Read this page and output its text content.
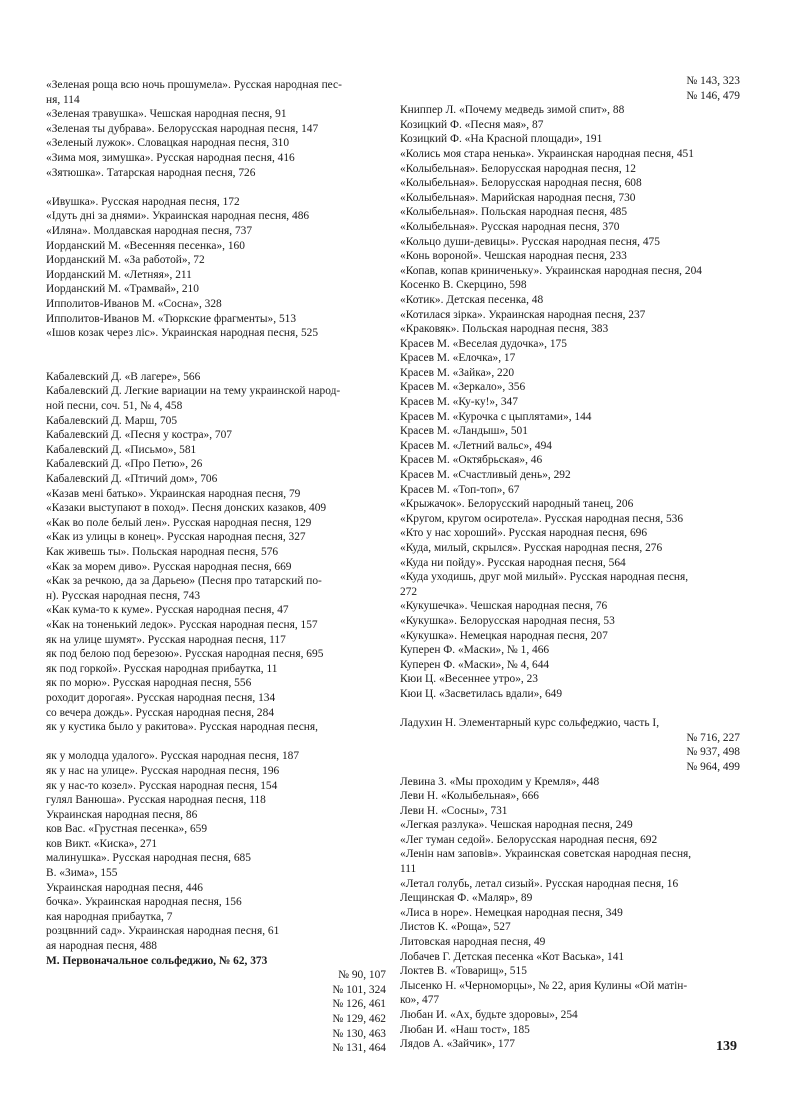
«Зеленая роща всю ночь прошумела». Русская народная пес-
ня, 114
«Зеленая травушка». Чешская народная песня, 91
«Зеленая ты дубрава». Белорусская народная песня, 147
«Зеленый лужок». Словацкая народная песня, 310
«Зима моя, зимушка». Русская народная песня, 416
«Зятюшка». Татарская народная песня, 726
«Ивушка». Русская народная песня, 172
«Iдуть дні за днями». Украинская народная песня, 486
«Иляна». Молдавская народная песня, 737
Иорданский М. «Весенняя песенка», 160
Иорданский М. «За работой», 72
Иорданский М. «Летняя», 211
Иорданский М. «Трамвай», 210
Ипполитов-Иванов М. «Сосна», 328
Ипполитов-Иванов М. «Тюркские фрагменты», 513
«Iшов козак через ліс». Украинская народная песня, 525
Кабалевский Д. «В лагере», 566
Кабалевский Д. Легкие вариации на тему украинской народ-
ной песни, соч. 51, № 4, 458
Кабалевский Д. Марш, 705
Кабалевский Д. «Песня у костра», 707
Кабалевский Д. «Письмо», 581
Кабалевский Д. «Про Петю», 26
Кабалевский Д. «Птичий дом», 706
«Казав мені батько». Украинская народная песня, 79
«Казаки выступают в поход». Песня донских казаков, 409
«Как во поле белый лен». Русская народная песня, 129
«Как из улицы в конец». Русская народная песня, 327
Как живешь ты». Польская народная песня, 576
«Как за морем диво». Русская народная песня, 669
«Как за речкою, да за Дарьею» (Песня про татарский по-
н). Русская народная песня, 743
«Как кума-то к куме». Русская народная песня, 47
«Как на тоненький ледок». Русская народная песня, 157
як на улице шумят». Русская народная песня, 117
як под белою под березою». Русская народная песня, 695
як под горкой». Русская народная прибаутка, 11
як по морю». Русская народная песня, 556
роходит дорогая». Русская народная песня, 134
со вечера дождь». Русская народная песня, 284
як у кустика было у ракитова». Русская народная песня,
як у молодца удалого». Русская народная песня, 187
як у нас на улице». Русская народная песня, 196
як у нас-то козел». Русская народная песня, 154
гулял Ванюша». Русская народная песня, 118
Украинская народная песня, 86
ков Вас. «Грустная песенка», 659
ков Викт. «Киска», 271
малинушка». Русская народная песня, 685
В. «Зима», 155
Украинская народная песня, 446
бочка». Украинская народная песня, 156
кая народная прибаутка, 7
розцвнний сад». Украинская народная песня, 61
ая народная песня, 488
М. Первоначальное сольфеджио, № 62, 373
№ 90, 107
№ 101, 324
№ 126, 461
№ 129, 462
№ 130, 463
№ 131, 464
№ 143, 323
№ 146, 479
Книппер Л. «Почему медведь зимой спит», 88
Козицкий Ф. «Песня мая», 87
Козицкий Ф. «На Красной площади», 191
«Колись моя стара ненька». Украинская народная песня, 451
«Колыбельная». Белорусская народная песня, 12
«Колыбельная». Белорусская народная песня, 608
«Колыбельная». Марийская народная песня, 730
«Колыбельная». Польская народная песня, 485
«Колыбельная». Русская народная песня, 370
«Кольцо души-девицы». Русская народная песня, 475
«Конь вороной». Чешская народная песня, 233
«Копав, копав криниченьку». Украинская народная песня, 204
Косенко В. Скерцино, 598
«Котик». Детская песенка, 48
«Котилася зірка». Украинская народная песня, 237
«Краковяк». Польская народная песня, 383
Красев М. «Веселая дудочка», 175
Красев М. «Елочка», 17
Красев М. «Зайка», 220
Красев М. «Зеркало», 356
Красев М. «Ку-ку!», 347
Красев М. «Курочка с цыплятами», 144
Красев М. «Ландыш», 501
Красев М. «Летний вальс», 494
Красев М. «Октябрьская», 46
Красев М. «Счастливый день», 292
Красев М. «Топ-топ», 67
«Крыжачок». Белорусский народный танец, 206
«Кругом, кругом осиротела». Русская народная песня, 536
«Кто у нас хороший». Русская народная песня, 696
«Куда, милый, скрылся». Русская народная песня, 276
«Куда ни пойду». Русская народная песня, 564
«Куда уходишь, друг мой милый». Русская народная песня,
272
«Кукушечка». Чешская народная песня, 76
«Кукушка». Белорусская народная песня, 53
«Кукушка». Немецкая народная песня, 207
Куперен Ф. «Маски», № 1, 466
Куперен Ф. «Маски», № 4, 644
Кюи Ц. «Весеннее утро», 23
Кюи Ц. «Засветилась вдали», 649
Ладухин Н. Элементарный курс сольфеджио, часть I,
№ 716, 227
№ 937, 498
№ 964, 499
Левина З. «Мы проходим у Кремля», 448
Леви Н. «Колыбельная», 666
Леви Н. «Сосны», 731
«Легкая разлука». Чешская народная песня, 249
«Лег туман седой». Белорусская народная песня, 692
«Ленін нам заповів». Украинская советская народная песня,
111
«Летал голубь, летал сизый». Русская народная песня, 16
Лещинская Ф. «Маляр», 89
«Лиса в норе». Немецкая народная песня, 349
Листов К. «Роща», 527
Литовская народная песня, 49
Лобачев Г. Детская песенка «Кот Васька», 141
Локтев В. «Товарищ», 515
Лысенко Н. «Черноморцы», № 22, ария Кулины «Ой матін-
ко», 477
Любан И. «Ах, будьте здоровы», 254
Любан И. «Наш тост», 185
Лядов А. «Зайчик», 177	139
